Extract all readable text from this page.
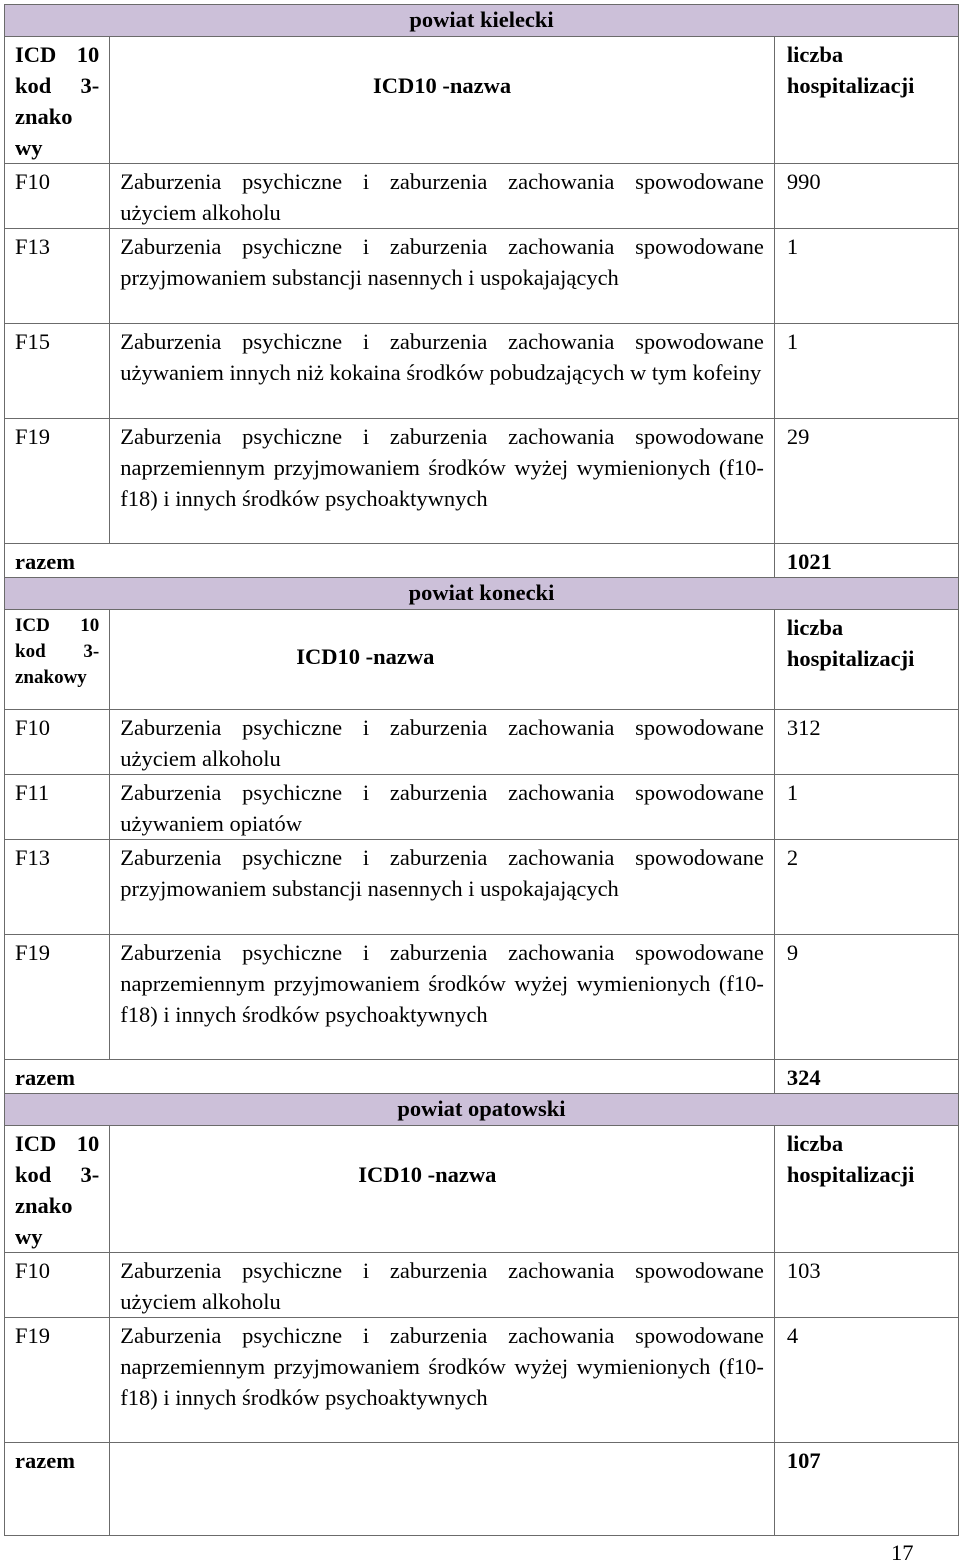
powiat kielecki		
ICD 10 kod 3-znako wy	ICD10 -nazwa	liczba hospitalizacji
F10	Zaburzenia psychiczne i zaburzenia zachowania spowodowane użyciem alkoholu	990
F13	Zaburzenia psychiczne i zaburzenia zachowania spowodowane przyjmowaniem substancji nasennych i uspokajających	1
F15	Zaburzenia psychiczne i zaburzenia zachowania spowodowane używaniem innych niż kokaina środków pobudzających w tym kofeiny	1
F19	Zaburzenia psychiczne i zaburzenia zachowania spowodowane naprzemiennym przyjmowaniem środków wyżej wymienionych (f10-f18) i innych środków psychoaktywnych	29
razem		1021
powiat konecki		
ICD 10 kod 3-znakowy	ICD10 -nazwa	liczba hospitalizacji
F10	Zaburzenia psychiczne i zaburzenia zachowania spowodowane użyciem alkoholu	312
F11	Zaburzenia psychiczne i zaburzenia zachowania spowodowane używaniem opiatów	1
F13	Zaburzenia psychiczne i zaburzenia zachowania spowodowane przyjmowaniem substancji nasennych i uspokajających	2
F19	Zaburzenia psychiczne i zaburzenia zachowania spowodowane naprzemiennym przyjmowaniem środków wyżej wymienionych (f10-f18) i innych środków psychoaktywnych	9
razem		324
powiat opatowski		
ICD 10 kod 3-znako wy	ICD10 -nazwa	liczba hospitalizacji
F10	Zaburzenia psychiczne i zaburzenia zachowania spowodowane użyciem alkoholu	103
F19	Zaburzenia psychiczne i zaburzenia zachowania spowodowane naprzemiennym przyjmowaniem środków wyżej wymienionych (f10-f18) i innych środków psychoaktywnych	4
razem		107
17
